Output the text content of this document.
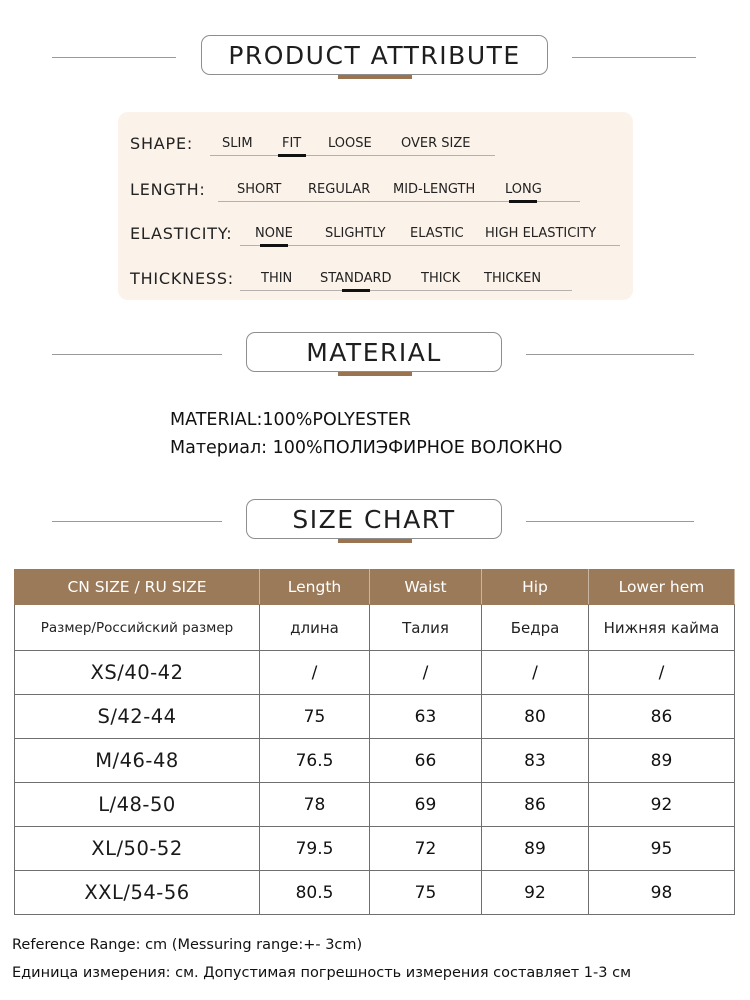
PRODUCT ATTRIBUTE
SHAPE: SLIM FIT LOOSE OVER SIZE
LENGTH: SHORT REGULAR MID-LENGTH LONG
ELASTICITY: NONE SLIGHTLY ELASTIC HIGH ELASTICITY
THICKNESS: THIN STANDARD THICK THICKEN
MATERIAL
MATERIAL:100%POLYESTER
Материал: 100%ПОЛИЭФИРНОЕ ВОЛОКНО
SIZE CHART
CN SIZE / RU SIZE	Length	Waist	Hip	Lower hem
Размер/Российский размер	длина	Талия	Бедра	Нижняя кайма
XS/40-42	/	/	/	/
S/42-44	75	63	80	86
M/46-48	76.5	66	83	89
L/48-50	78	69	86	92
XL/50-52	79.5	72	89	95
XXL/54-56	80.5	75	92	98
Reference Range: cm (Messuring range:+- 3cm)
Единица измерения: см. Допустимая погрешность измерения составляет 1-3 см
